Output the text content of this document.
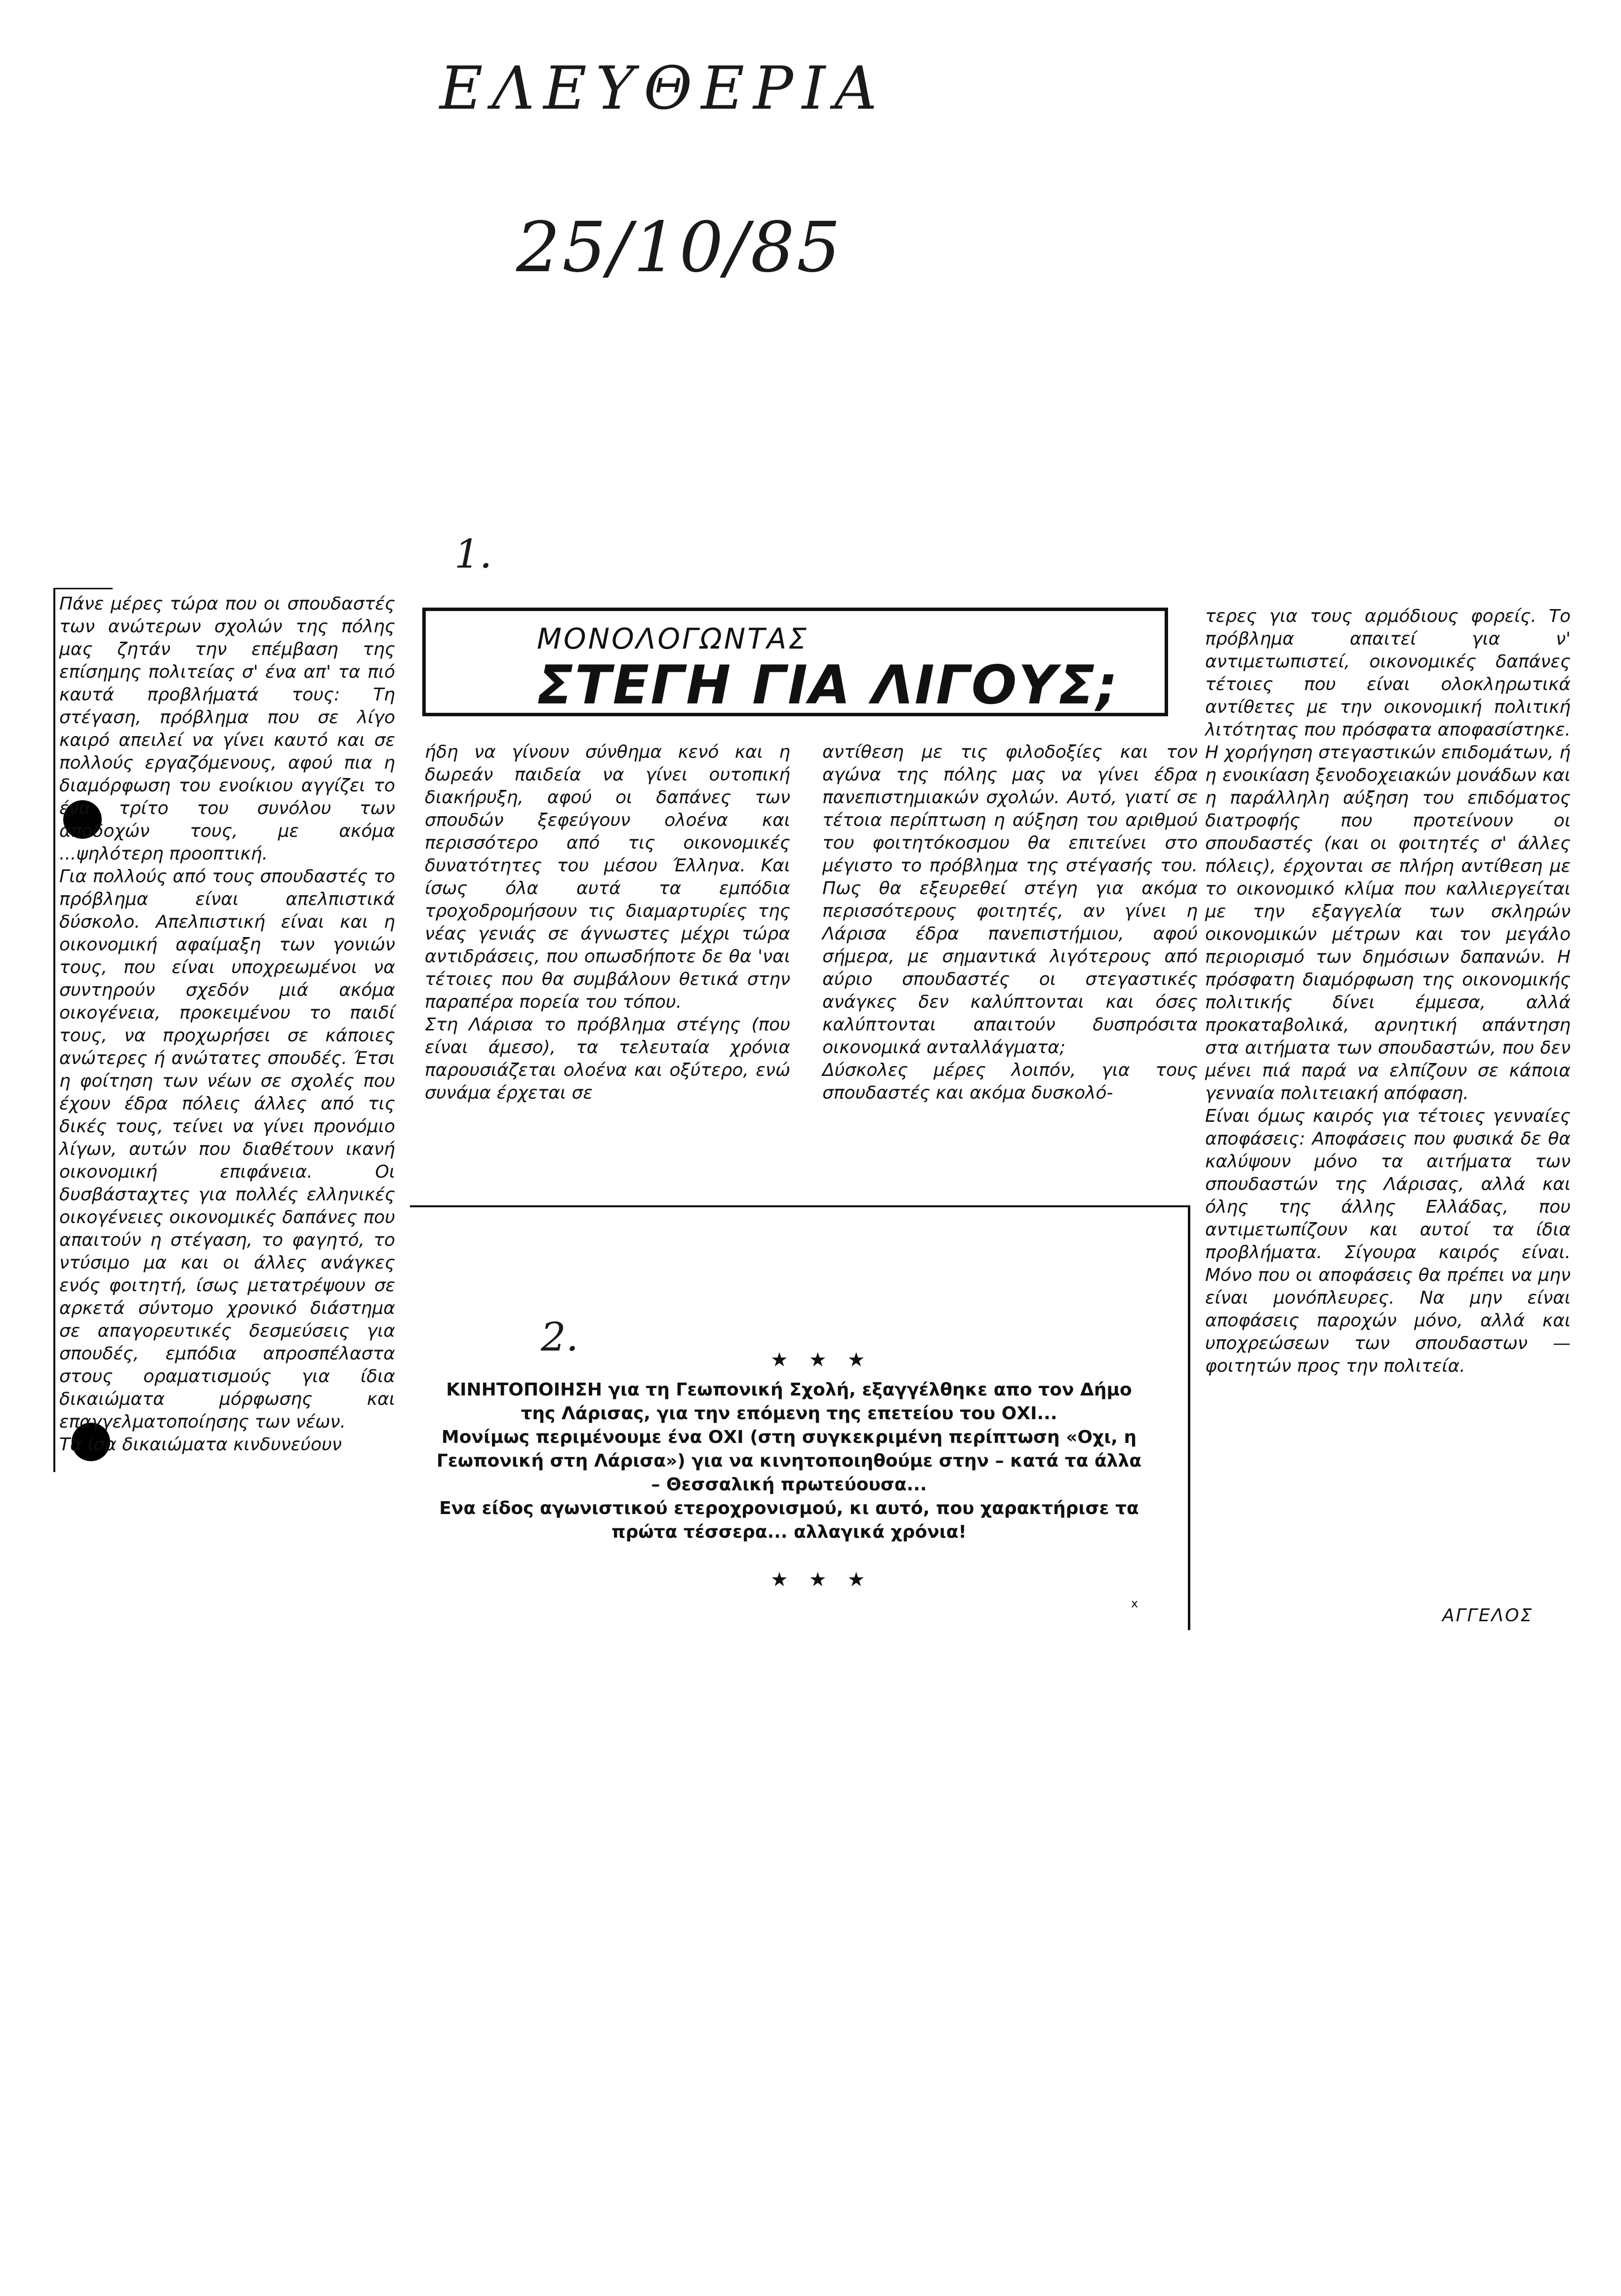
ΕΛΕΥΘΕΡΙΑ
25/10/85
1.
2.
ΜΟΝΟΛΟΓΩΝΤΑΣ
ΣΤΕΓΗ ΓΙΑ ΛΙΓΟΥΣ;
Πάνε μέρες τώρα που οι σπουδαστές των ανώτερων σχολών της πόλης μας ζητάν την επέμβαση της επίσημης πολιτείας σ' ένα απ' τα πιό καυτά προβλήματά τους: Τη στέγαση, πρόβλημα που σε λίγο καιρό απειλεί να γίνει καυτό και σε πολλούς εργαζόμενους, αφού πια η διαμόρφωση του ενοίκιου αγγίζει το ένα τρίτο του συνόλου των αποδοχών τους, με ακόμα ...ψηλότερη προοπτική.
Για πολλούς από τους σπουδαστές το πρόβλημα είναι απελπιστικά δύσκολο. Απελπιστική είναι και η οικονομική αφαίμαξη των γονιών τους, που είναι υποχρεωμένοι να συντηρούν σχεδόν μιά ακόμα οικογένεια, προκειμένου το παιδί τους, να προχωρήσει σε κάποιες ανώτερες ή ανώτατες σπουδές. Έτσι η φοίτηση των νέων σε σχολές που έχουν έδρα πόλεις άλλες από τις δικές τους, τείνει να γίνει προνόμιο λίγων, αυτών που διαθέτουν ικανή οικονομική επιφάνεια. Οι δυσβάσταχτες για πολλές ελληνικές οικογένειες οικονομικές δαπάνες που απαιτούν η στέγαση, το φαγητό, το ντύσιμο μα και οι άλλες ανάγκες ενός φοιτητή, ίσως μετατρέψουν σε αρκετά σύντομο χρονικό διάστημα σε απαγορευτικές δεσμεύσεις για σπουδές, εμπόδια απροσπέλαστα στους οραματισμούς για ίδια δικαιώματα μόρφωσης και επαγγελματοποίησης των νέων.
Τα ίσα δικαιώματα κινδυνεύουν
ήδη να γίνουν σύνθημα κενό και η δωρεάν παιδεία να γίνει ουτοπική διακήρυξη, αφού οι δαπάνες των σπουδών ξεφεύγουν ολοένα και περισσότερο από τις οικονομικές δυνατότητες του μέσου Έλληνα. Και ίσως όλα αυτά τα εμπόδια τροχοδρομήσουν τις διαμαρτυρίες της νέας γενιάς σε άγνωστες μέχρι τώρα αντιδράσεις, που οπωσδήποτε δε θα 'ναι τέτοιες που θα συμβάλουν θετικά στην παραπέρα πορεία του τόπου.
Στη Λάρισα το πρόβλημα στέγης (που είναι άμεσο), τα τελευταία χρόνια παρουσιάζεται ολοένα και οξύτερο, ενώ συνάμα έρχεται σε
αντίθεση με τις φιλοδοξίες και τον αγώνα της πόλης μας να γίνει έδρα πανεπιστημιακών σχολών. Αυτό, γιατί σε τέτοια περίπτωση η αύξηση του αριθμού του φοιτητόκοσμου θα επιτείνει στο μέγιστο το πρόβλημα της στέγασής του. Πως θα εξευρεθεί στέγη για ακόμα περισσότερους φοιτητές, αν γίνει η Λάρισα έδρα πανεπιστήμιου, αφού σήμερα, με σημαντικά λιγότερους από αύριο σπουδαστές οι στεγαστικές ανάγκες δεν καλύπτονται και όσες καλύπτονται απαιτούν δυσπρόσιτα οικονομικά ανταλλάγματα;
Δύσκολες μέρες λοιπόν, για τους σπουδαστές και ακόμα δυσκολό-
τερες για τους αρμόδιους φορείς. Το πρόβλημα απαιτεί για ν' αντιμετωπιστεί, οικονομικές δαπάνες τέτοιες που είναι ολοκληρωτικά αντίθετες με την οικονομική πολιτική λιτότητας που πρόσφατα αποφασίστηκε. Η χορήγηση στεγαστικών επιδομάτων, ή η ενοικίαση ξενοδοχειακών μονάδων και η παράλληλη αύξηση του επιδόματος διατροφής που προτείνουν οι σπουδαστές (και οι φοιτητές σ' άλλες πόλεις), έρχονται σε πλήρη αντίθεση με το οικονομικό κλίμα που καλλιεργείται με την εξαγγελία των σκληρών οικονομικών μέτρων και τον μεγάλο περιορισμό των δημόσιων δαπανών. Η πρόσφατη διαμόρφωση της οικονομικής πολιτικής δίνει έμμεσα, αλλά προκαταβολικά, αρνητική απάντηση στα αιτήματα των σπουδαστών, που δεν μένει πιά παρά να ελπίζουν σε κάποια γενναία πολιτειακή απόφαση.
Είναι όμως καιρός για τέτοιες γενναίες αποφάσεις: Αποφάσεις που φυσικά δε θα καλύψουν μόνο τα αιτήματα των σπουδαστών της Λάρισας, αλλά και όλης της άλλης Ελλάδας, που αντιμετωπίζουν και αυτοί τα ίδια προβλήματα. Σίγουρα καιρός είναι. Μόνο που οι αποφάσεις θα πρέπει να μην είναι μονόπλευρες. Να μην είναι αποφάσεις παροχών μόνο, αλλά και υποχρεώσεων των σπουδαστων — φοιτητών προς την πολιτεία.
★ ★ ★
ΚΙΝΗΤΟΠΟΙΗΣΗ για τη Γεωπονική Σχολή, εξαγγέλθηκε απο τον Δήμο της Λάρισας, για την επόμενη της επετείου του ΟΧΙ...
Μονίμως περιμένουμε ένα ΟΧΙ (στη συγκεκριμένη περίπτωση «Οχι, η Γεωπονική στη Λάρισα») για να κινητοποιηθούμε στην – κατά τα άλλα – Θεσσαλική πρωτεύουσα...
Ενα είδος αγωνιστικού ετεροχρονισμού, κι αυτό, που χαρακτήρισε τα πρώτα τέσσερα... αλλαγικά χρόνια!
★ ★ ★
x
ΑΓΓΕΛΟΣ
